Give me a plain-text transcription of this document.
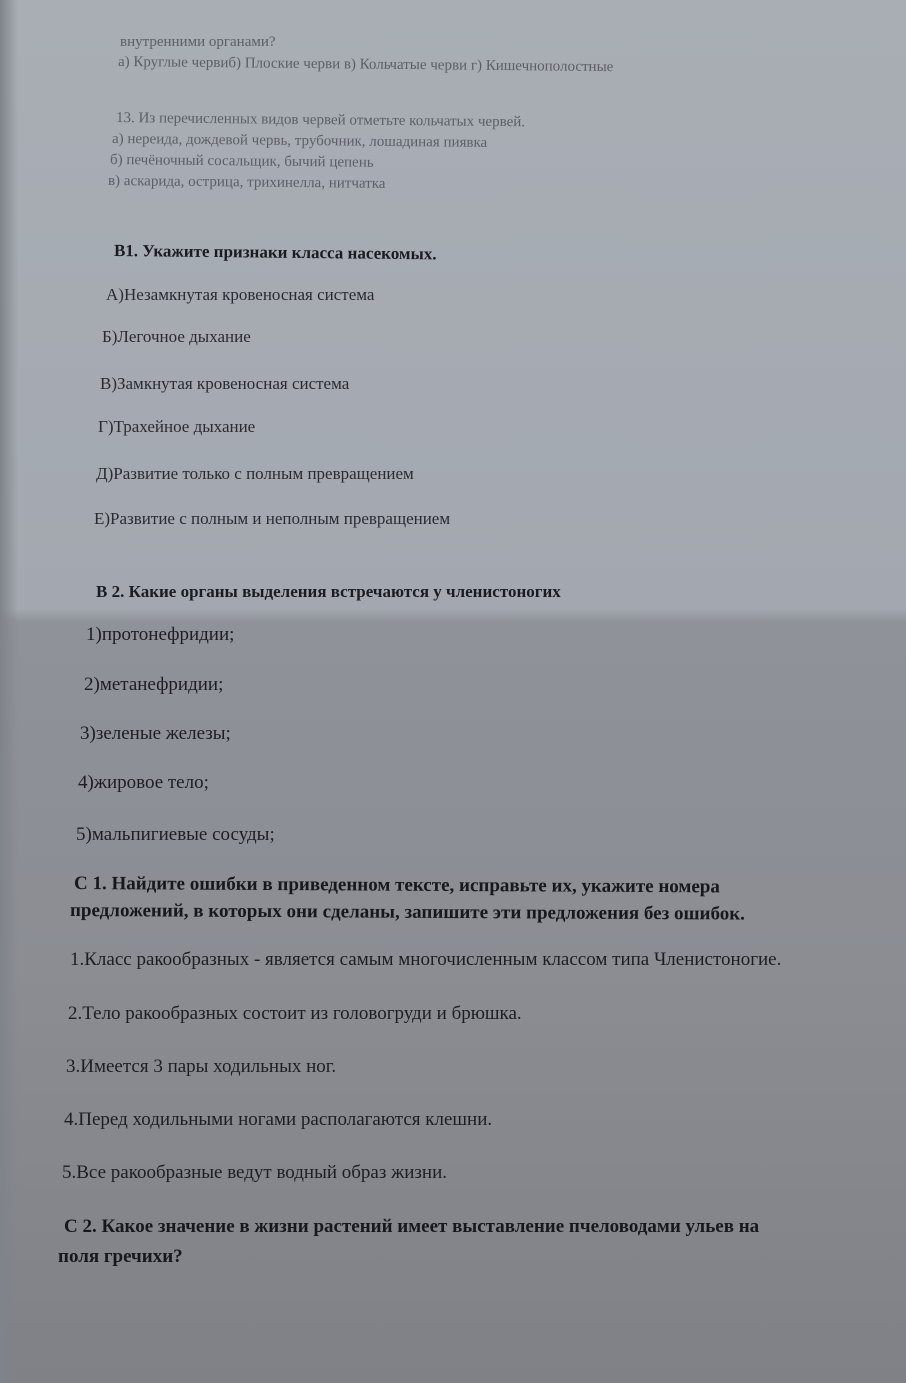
внутренними органами?
а) Круглые червиб) Плоские черви в) Кольчатые черви г) Кишечнополостные
13. Из перечисленных видов червей отметьте кольчатых червей.
а) нереида, дождевой червь, трубочник, лошадиная пиявка
б) печёночный сосальщик, бычий цепень
в) аскарида, острица, трихинелла, нитчатка
В1. Укажите признаки класса насекомых.
А)Незамкнутая кровеносная система
Б)Легочное дыхание
В)Замкнутая кровеносная система
Г)Трахейное дыхание
Д)Развитие только с полным превращением
Е)Развитие с полным и неполным превращением
В 2. Какие органы выделения встречаются у членистоногих
1)протонефридии;
2)метанефридии;
3)зеленые железы;
4)жировое тело;
5)мальпигиевые сосуды;
С 1. Найдите ошибки в приведенном тексте, исправьте их, укажите номера
предложений, в которых они сделаны, запишите эти предложения без ошибок.
1.Класс ракообразных - является самым многочисленным классом типа Членистоногие.
2.Тело ракообразных состоит из головогруди и брюшка.
3.Имеется 3 пары ходильных ног.
4.Перед ходильными ногами располагаются клешни.
5.Все ракообразные ведут водный образ жизни.
С 2. Какое значение в жизни растений имеет выставление пчеловодами ульев на
поля гречихи?
